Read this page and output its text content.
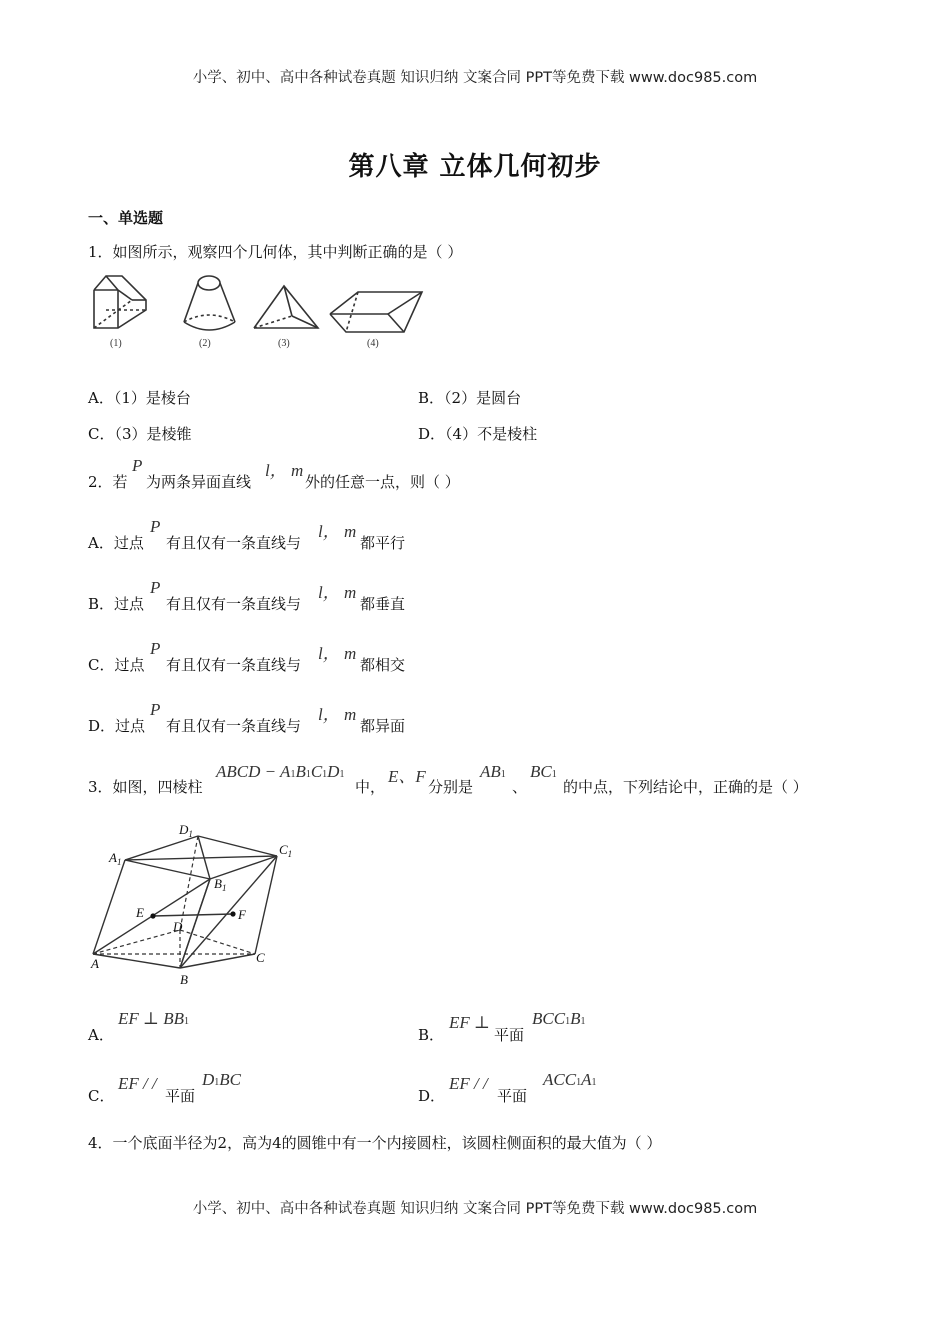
小学、初中、高中各种试卷真题 知识归纳 文案合同 PPT等免费下载 www.doc985.com
第八章 立体几何初步
一、单选题
1．如图所示，观察四个几何体，其中判断正确的是（ ）
(1)	(2)	(3)	(4)
A．（1）是棱台	B．（2）是圆台
C．（3）是棱锥	D．（4）不是棱柱
2．若
P
为两条异面直线
l， m
外的任意一点，则（ ）
A．过点
P
有且仅有一条直线与
l， m
都平行
B．过点
P
有且仅有一条直线与
l， m
都垂直
C．过点
P
有且仅有一条直线与
l， m
都相交
D．过点
P
有且仅有一条直线与
l， m
都异面
3．如图，四棱柱
ABCD − A1B1C1D1
中，
E、F
分别是
AB1
、
BC1
的中点，下列结论中，正确的是（ ）
$D_1$
$A_1$
$C_1$
$B_1$
E	F
D
A
B
C
A．
EF ⊥ BB1
B．
EF ⊥
平面
BCC1B1
C．
EF / /
平面
D1BC
D．
EF / /
平面
ACC1A1
4．一个底面半径为2，高为4的圆锥中有一个内接圆柱，该圆柱侧面积的最大值为（ ）
小学、初中、高中各种试卷真题 知识归纳 文案合同 PPT等免费下载 www.doc985.com
